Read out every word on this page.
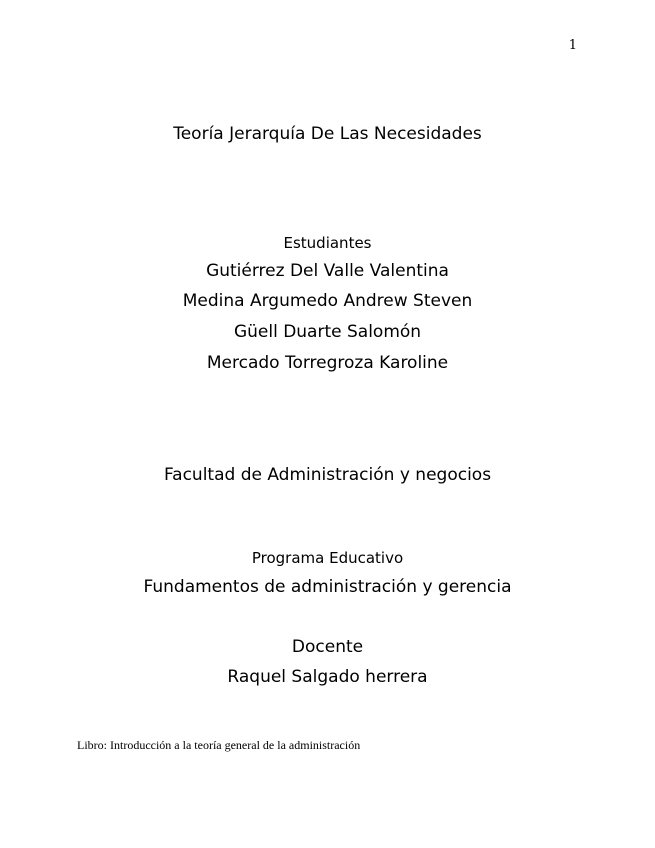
1
Teoría Jerarquía De Las Necesidades
Estudiantes
Gutiérrez Del Valle Valentina
Medina Argumedo Andrew Steven
Güell Duarte Salomón
Mercado Torregroza Karoline
Facultad de Administración y negocios
Programa Educativo
Fundamentos de administración y gerencia
Docente
Raquel Salgado herrera
Libro: Introducción a la teoría general de la administración
